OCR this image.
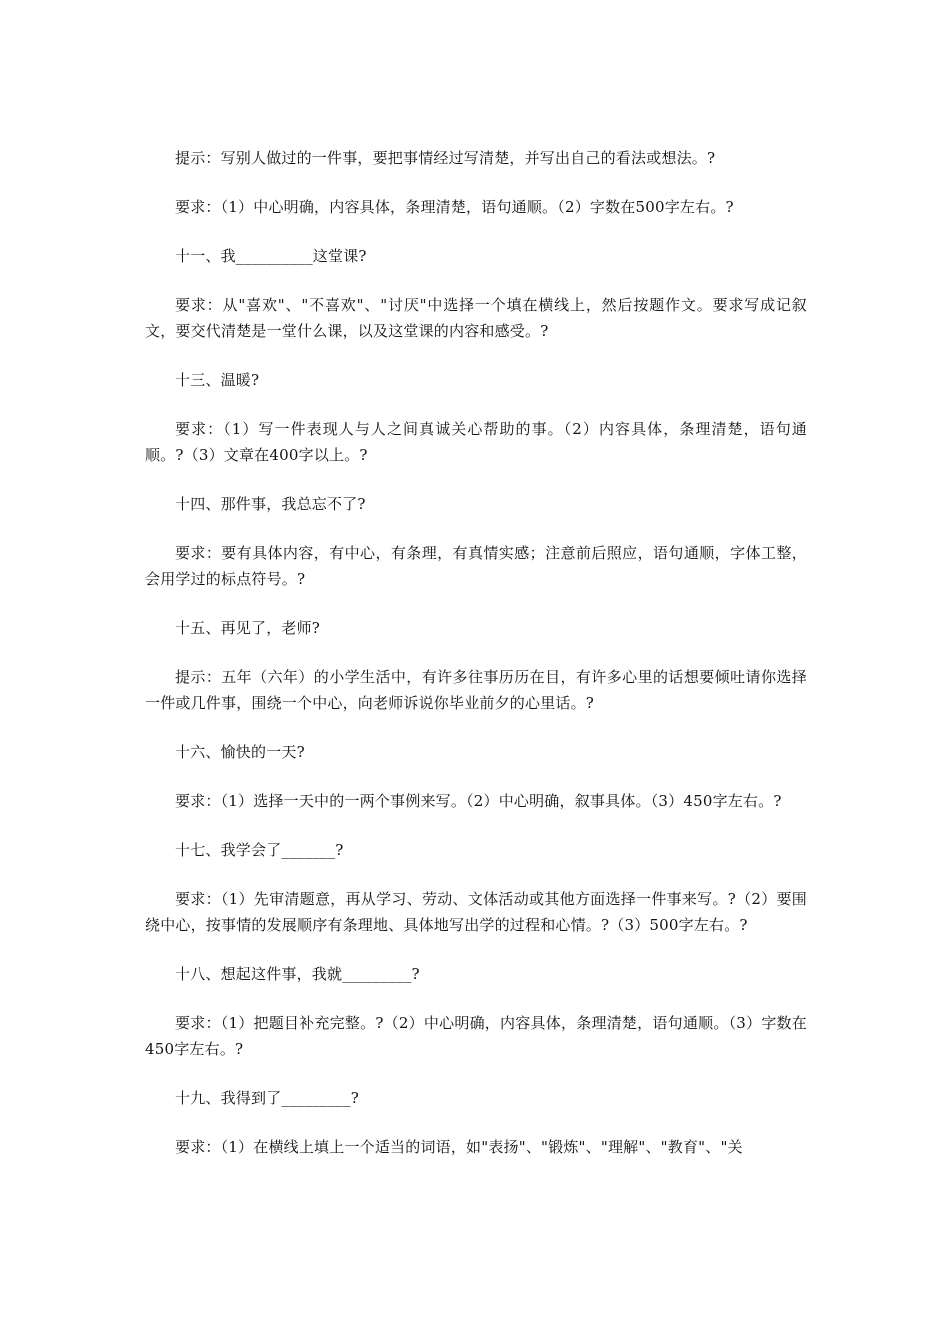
提示：写别人做过的一件事，要把事情经过写清楚，并写出自己的看法或想法。?

要求：（1）中心明确，内容具体，条理清楚，语句通顺。（2）字数在500字左右。?

十一、我__________这堂课?

要求：从"喜欢"、"不喜欢"、"讨厌"中选择一个填在横线上，然后按题作文。要求写成记叙文，要交代清楚是一堂什么课，以及这堂课的内容和感受。?

十三、温暖?

要求：（1）写一件表现人与人之间真诚关心帮助的事。（2）内容具体，条理清楚，语句通顺。?（3）文章在400字以上。?

十四、那件事，我总忘不了?

要求：要有具体内容，有中心，有条理，有真情实感；注意前后照应，语句通顺，字体工整，会用学过的标点符号。?

十五、再见了，老师?

提示：五年（六年）的小学生活中，有许多往事历历在目，有许多心里的话想要倾吐请你选择一件或几件事，围绕一个中心，向老师诉说你毕业前夕的心里话。?

十六、愉快的一天?

要求：（1）选择一天中的一两个事例来写。（2）中心明确，叙事具体。（3）450字左右。?

十七、我学会了_______?

要求：（1）先审清题意，再从学习、劳动、文体活动或其他方面选择一件事来写。?（2）要围绕中心，按事情的发展顺序有条理地、具体地写出学的过程和心情。?（3）500字左右。?

十八、想起这件事，我就_________?

要求：（1）把题目补充完整。?（2）中心明确，内容具体，条理清楚，语句通顺。（3）字数在450字左右。?

十九、我得到了_________?

要求：（1）在横线上填上一个适当的词语，如"表扬"、"锻炼"、"理解"、"教育"、"关
